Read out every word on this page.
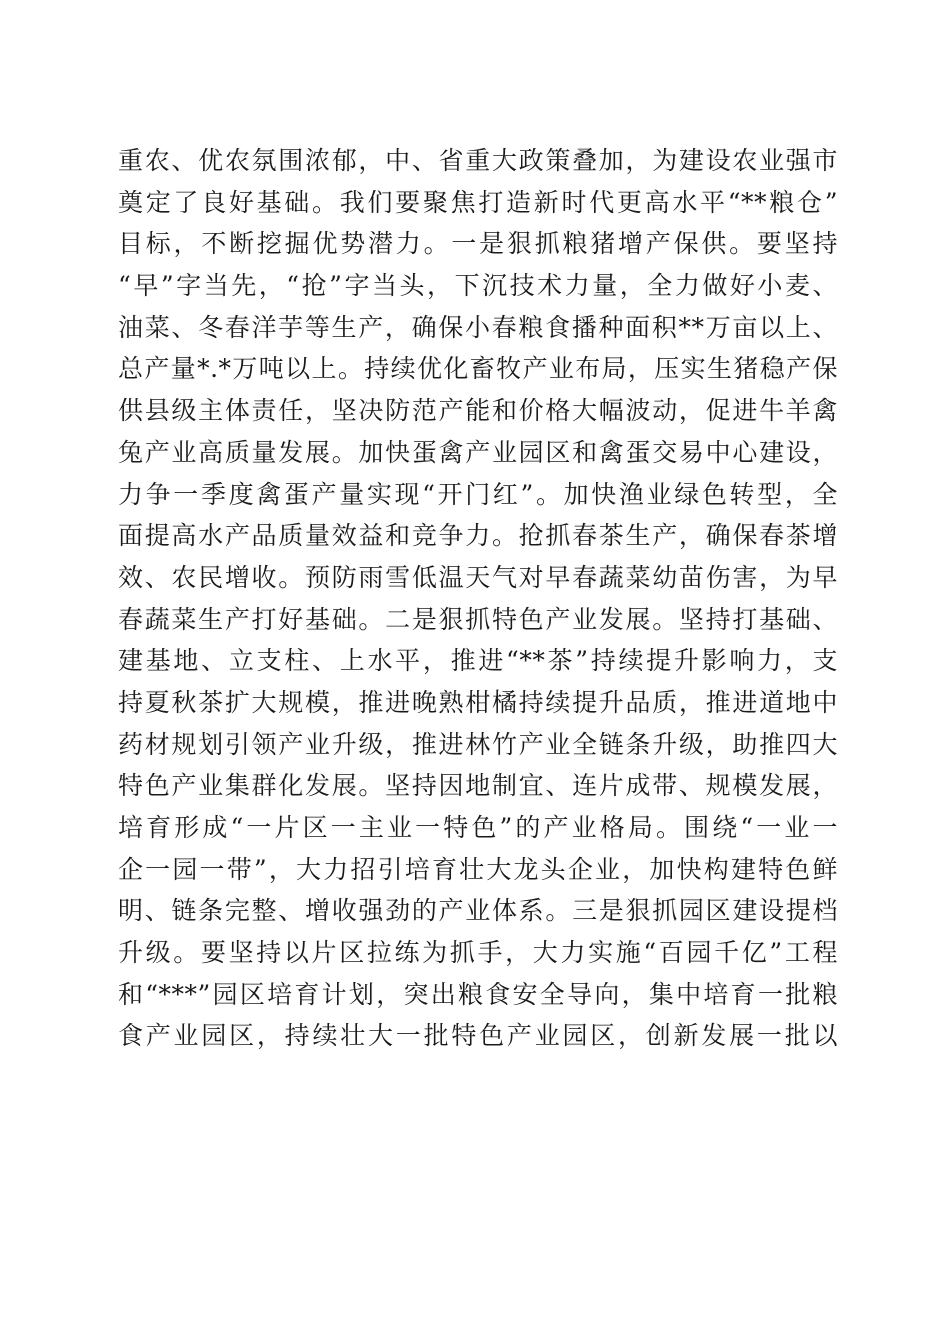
重农、优农氛围浓郁，中、省重大政策叠加，为建设农业强市
奠定了良好基础。我们要聚焦打造新时代更高水平“**粮仓”
目标，不断挖掘优势潜力。一是狠抓粮猪增产保供。要坚持
“早”字当先，“抢”字当头，下沉技术力量，全力做好小麦、
油菜、冬春洋芋等生产，确保小春粮食播种面积**万亩以上、
总产量*.*万吨以上。持续优化畜牧产业布局，压实生猪稳产保
供县级主体责任，坚决防范产能和价格大幅波动，促进牛羊禽
兔产业高质量发展。加快蛋禽产业园区和禽蛋交易中心建设，
力争一季度禽蛋产量实现“开门红”。加快渔业绿色转型，全
面提高水产品质量效益和竞争力。抢抓春茶生产，确保春茶增
效、农民增收。预防雨雪低温天气对早春蔬菜幼苗伤害，为早
春蔬菜生产打好基础。二是狠抓特色产业发展。坚持打基础、
建基地、立支柱、上水平，推进“**茶”持续提升影响力，支
持夏秋茶扩大规模，推进晚熟柑橘持续提升品质，推进道地中
药材规划引领产业升级，推进林竹产业全链条升级，助推四大
特色产业集群化发展。坚持因地制宜、连片成带、规模发展，
培育形成“一片区一主业一特色”的产业格局。围绕“一业一
企一园一带”，大力招引培育壮大龙头企业，加快构建特色鲜
明、链条完整、增收强劲的产业体系。三是狠抓园区建设提档
升级。要坚持以片区拉练为抓手，大力实施“百园千亿”工程
和“***”园区培育计划，突出粮食安全导向，集中培育一批粮
食产业园区，持续壮大一批特色产业园区，创新发展一批以
